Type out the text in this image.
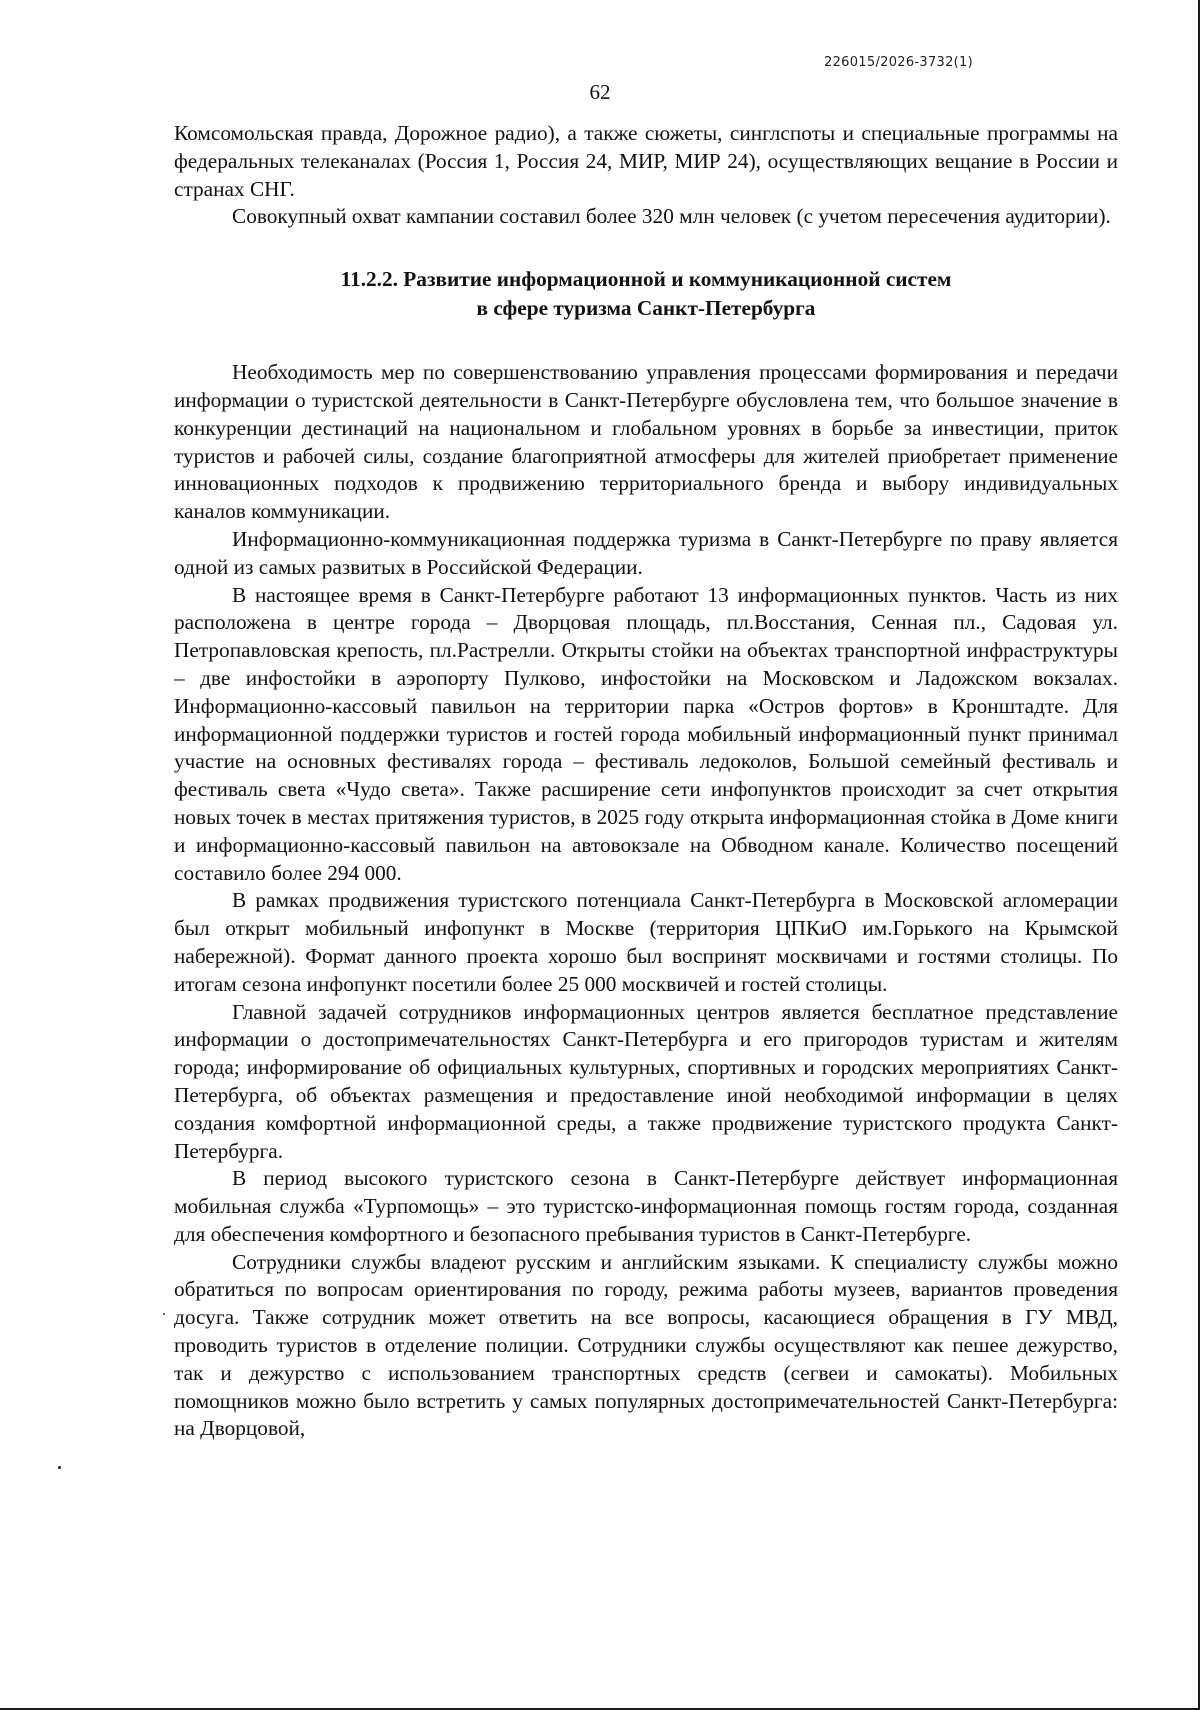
226015/2026-3732(1)
62

Комсомольская правда, Дорожное радио), а также сюжеты, синглспоты и специальные программы на федеральных телеканалах (Россия 1, Россия 24, МИР, МИР 24), осуществляющих вещание в России и странах СНГ.

Совокупный охват кампании составил более 320 млн человек (с учетом пересечения аудитории).

11.2.2. Развитие информационной и коммуникационной систем
в сфере туризма Санкт-Петербурга

Необходимость мер по совершенствованию управления процессами формирования и передачи информации о туристской деятельности в Санкт-Петербурге обусловлена тем, что большое значение в конкуренции дестинаций на национальном и глобальном уровнях в борьбе за инвестиции, приток туристов и рабочей силы, создание благоприятной атмосферы для жителей приобретает применение инновационных подходов к продвижению территориального бренда и выбору индивидуальных каналов коммуникации.

Информационно-коммуникационная поддержка туризма в Санкт-Петербурге по праву является одной из самых развитых в Российской Федерации.

В настоящее время в Санкт-Петербурге работают 13 информационных пунктов. Часть из них расположена в центре города – Дворцовая площадь, пл.Восстания, Сенная пл., Садовая ул. Петропавловская крепость, пл.Растрелли. Открыты стойки на объектах транспортной инфраструктуры – две инфостойки в аэропорту Пулково, инфостойки на Московском и Ладожском вокзалах. Информационно-кассовый павильон на территории парка «Остров фортов» в Кронштадте. Для информационной поддержки туристов и гостей города мобильный информационный пункт принимал участие на основных фестивалях города – фестиваль ледоколов, Большой семейный фестиваль и фестиваль света «Чудо света». Также расширение сети инфопунктов происходит за счет открытия новых точек в местах притяжения туристов, в 2025 году открыта информационная стойка в Доме книги и информационно-кассовый павильон на автовокзале на Обводном канале. Количество посещений составило более 294 000.

В рамках продвижения туристского потенциала Санкт-Петербурга в Московской агломерации был открыт мобильный инфопункт в Москве (территория ЦПКиО им.Горького на Крымской набережной). Формат данного проекта хорошо был воспринят москвичами и гостями столицы. По итогам сезона инфопункт посетили более 25 000 москвичей и гостей столицы.

Главной задачей сотрудников информационных центров является бесплатное представление информации о достопримечательностях Санкт-Петербурга и его пригородов туристам и жителям города; информирование об официальных культурных, спортивных и городских мероприятиях Санкт-Петербурга, об объектах размещения и предоставление иной необходимой информации в целях создания комфортной информационной среды, а также продвижение туристского продукта Санкт-Петербурга.

В период высокого туристского сезона в Санкт-Петербурге действует информационная мобильная служба «Турпомощь» – это туристско-информационная помощь гостям города, созданная для обеспечения комфортного и безопасного пребывания туристов в Санкт-Петербурге.

Сотрудники службы владеют русским и английским языками. К специалисту службы можно обратиться по вопросам ориентирования по городу, режима работы музеев, вариантов проведения досуга. Также сотрудник может ответить на все вопросы, касающиеся обращения в ГУ МВД, проводить туристов в отделение полиции. Сотрудники службы осуществляют как пешее дежурство, так и дежурство с использованием транспортных средств (сегвеи и самокаты). Мобильных помощников можно было встретить у самых популярных достопримечательностей Санкт-Петербурга: на Дворцовой,
